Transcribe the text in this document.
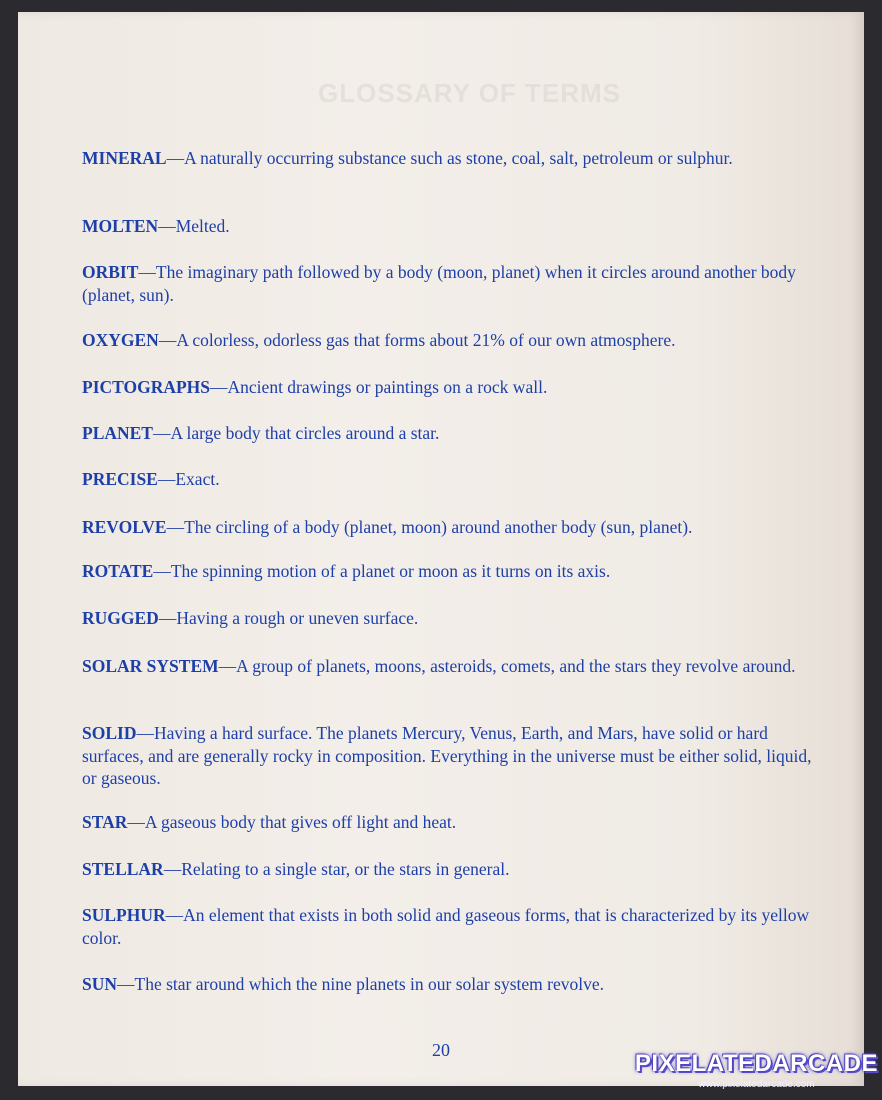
GLOSSARY OF TERMS
MINERAL—A naturally occurring substance such as stone, coal, salt, petroleum or sulphur.
MOLTEN—Melted.
ORBIT—The imaginary path followed by a body (moon, planet) when it circles around another body (planet, sun).
OXYGEN—A colorless, odorless gas that forms about 21% of our own atmosphere.
PICTOGRAPHS—Ancient drawings or paintings on a rock wall.
PLANET—A large body that circles around a star.
PRECISE—Exact.
REVOLVE—The circling of a body (planet, moon) around another body (sun, planet).
ROTATE—The spinning motion of a planet or moon as it turns on its axis.
RUGGED—Having a rough or uneven surface.
SOLAR SYSTEM—A group of planets, moons, asteroids, comets, and the stars they revolve around.
SOLID—Having a hard surface. The planets Mercury, Venus, Earth, and Mars, have solid or hard surfaces, and are generally rocky in composition. Everything in the universe must be either solid, liquid, or gaseous.
STAR—A gaseous body that gives off light and heat.
STELLAR—Relating to a single star, or the stars in general.
SULPHUR—An element that exists in both solid and gaseous forms, that is characterized by its yellow color.
SUN—The star around which the nine planets in our solar system revolve.
20	PIXELATEDARCADE
www.pixelatedarcade.com
